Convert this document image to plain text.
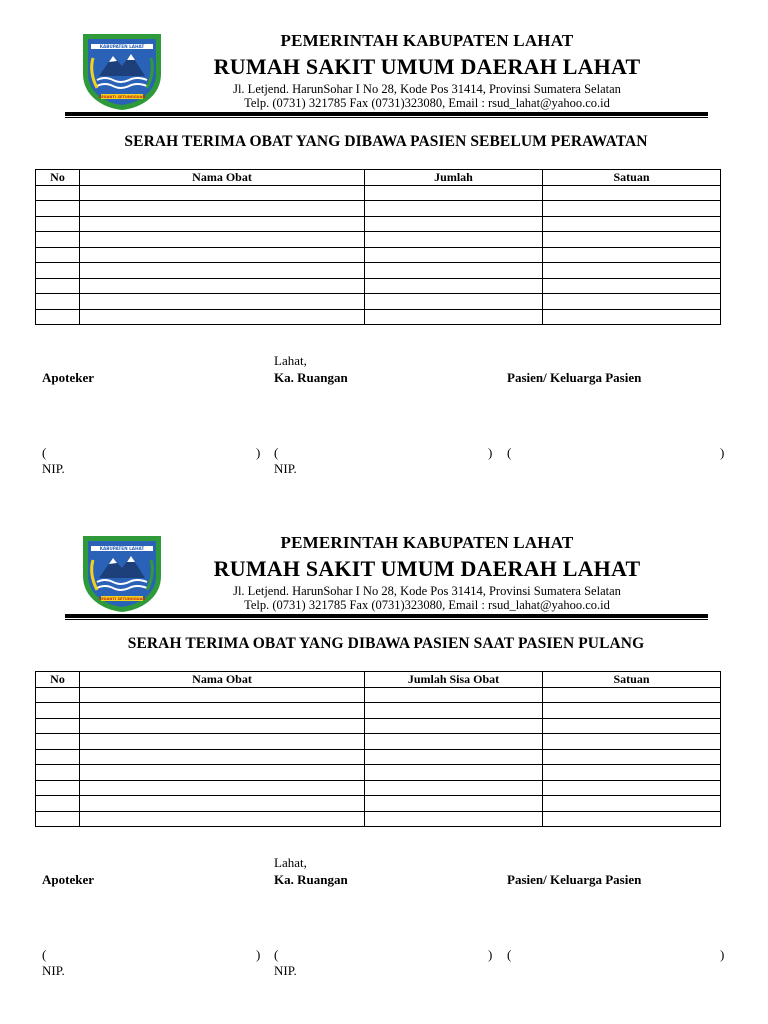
KABUPATEN LAHAT
SEGANTI SETUNGGUAN
PEMERINTAH KABUPATEN LAHAT
RUMAH SAKIT UMUM DAERAH LAHAT
Jl. Letjend. HarunSohar I No 28, Kode Pos 31414, Provinsi Sumatera Selatan
Telp. (0731) 321785 Fax (0731)323080, Email : rsud_lahat@yahoo.co.id
SERAH TERIMA OBAT YANG DIBAWA PASIEN SEBELUM PERAWATAN
No	Nama Obat	Jumlah	Satuan

Lahat,
Apoteker	Ka. Ruangan	Pasien/ Keluarga Pasien
(	) (	) (	)
NIP.	NIP.
KABUPATEN LAHAT
SEGANTI SETUNGGUAN
PEMERINTAH KABUPATEN LAHAT
RUMAH SAKIT UMUM DAERAH LAHAT
Jl. Letjend. HarunSohar I No 28, Kode Pos 31414, Provinsi Sumatera Selatan
Telp. (0731) 321785 Fax (0731)323080, Email : rsud_lahat@yahoo.co.id
SERAH TERIMA OBAT YANG DIBAWA PASIEN SAAT PASIEN PULANG
No	Nama Obat	Jumlah Sisa Obat	Satuan

Lahat,
Apoteker	Ka. Ruangan	Pasien/ Keluarga Pasien
(	) (	) (	)
NIP.	NIP.
